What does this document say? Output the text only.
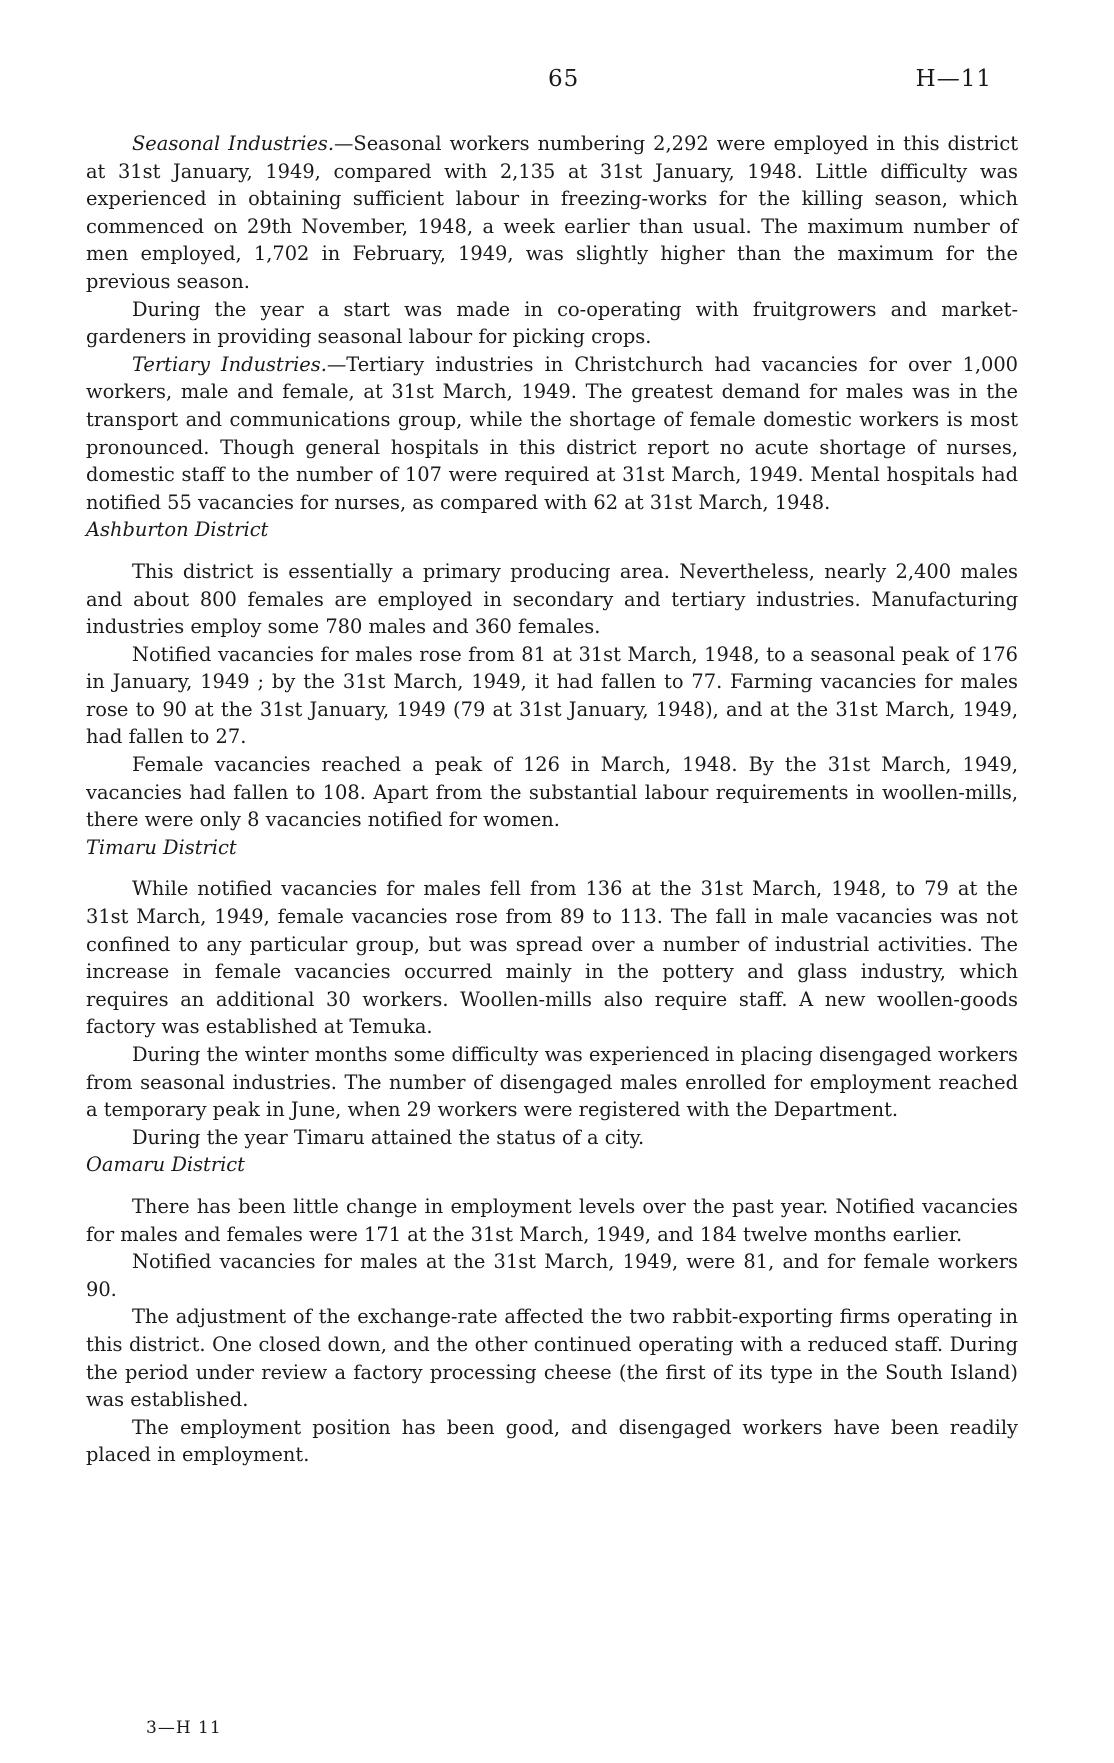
65	H—11

Seasonal Industries.—Seasonal workers numbering 2,292 were employed in this district at 31st January, 1949, compared with 2,135 at 31st January, 1948. Little difficulty was experienced in obtaining sufficient labour in freezing-works for the killing season, which commenced on 29th November, 1948, a week earlier than usual. The maximum number of men employed, 1,702 in February, 1949, was slightly higher than the maximum for the previous season.

During the year a start was made in co-operating with fruitgrowers and market-gardeners in providing seasonal labour for picking crops.

Tertiary Industries.—Tertiary industries in Christchurch had vacancies for over 1,000 workers, male and female, at 31st March, 1949. The greatest demand for males was in the transport and communications group, while the shortage of female domestic workers is most pronounced. Though general hospitals in this district report no acute shortage of nurses, domestic staff to the number of 107 were required at 31st March, 1949. Mental hospitals had notified 55 vacancies for nurses, as compared with 62 at 31st March, 1948.

Ashburton District

This district is essentially a primary producing area. Nevertheless, nearly 2,400 males and about 800 females are employed in secondary and tertiary industries. Manufacturing industries employ some 780 males and 360 females.

Notified vacancies for males rose from 81 at 31st March, 1948, to a seasonal peak of 176 in January, 1949 ; by the 31st March, 1949, it had fallen to 77. Farming vacancies for males rose to 90 at the 31st January, 1949 (79 at 31st January, 1948), and at the 31st March, 1949, had fallen to 27.

Female vacancies reached a peak of 126 in March, 1948. By the 31st March, 1949, vacancies had fallen to 108. Apart from the substantial labour requirements in woollen-mills, there were only 8 vacancies notified for women.

Timaru District

While notified vacancies for males fell from 136 at the 31st March, 1948, to 79 at the 31st March, 1949, female vacancies rose from 89 to 113. The fall in male vacancies was not confined to any particular group, but was spread over a number of industrial activities. The increase in female vacancies occurred mainly in the pottery and glass industry, which requires an additional 30 workers. Woollen-mills also require staff. A new woollen-goods factory was established at Temuka.

During the winter months some difficulty was experienced in placing disengaged workers from seasonal industries. The number of disengaged males enrolled for employment reached a temporary peak in June, when 29 workers were registered with the Department.

During the year Timaru attained the status of a city.

Oamaru District

There has been little change in employment levels over the past year. Notified vacancies for males and females were 171 at the 31st March, 1949, and 184 twelve months earlier.

Notified vacancies for males at the 31st March, 1949, were 81, and for female workers 90.

The adjustment of the exchange-rate affected the two rabbit-exporting firms operating in this district. One closed down, and the other continued operating with a reduced staff. During the period under review a factory processing cheese (the first of its type in the South Island) was established.

The employment position has been good, and disengaged workers have been readily placed in employment.

3—H 11
